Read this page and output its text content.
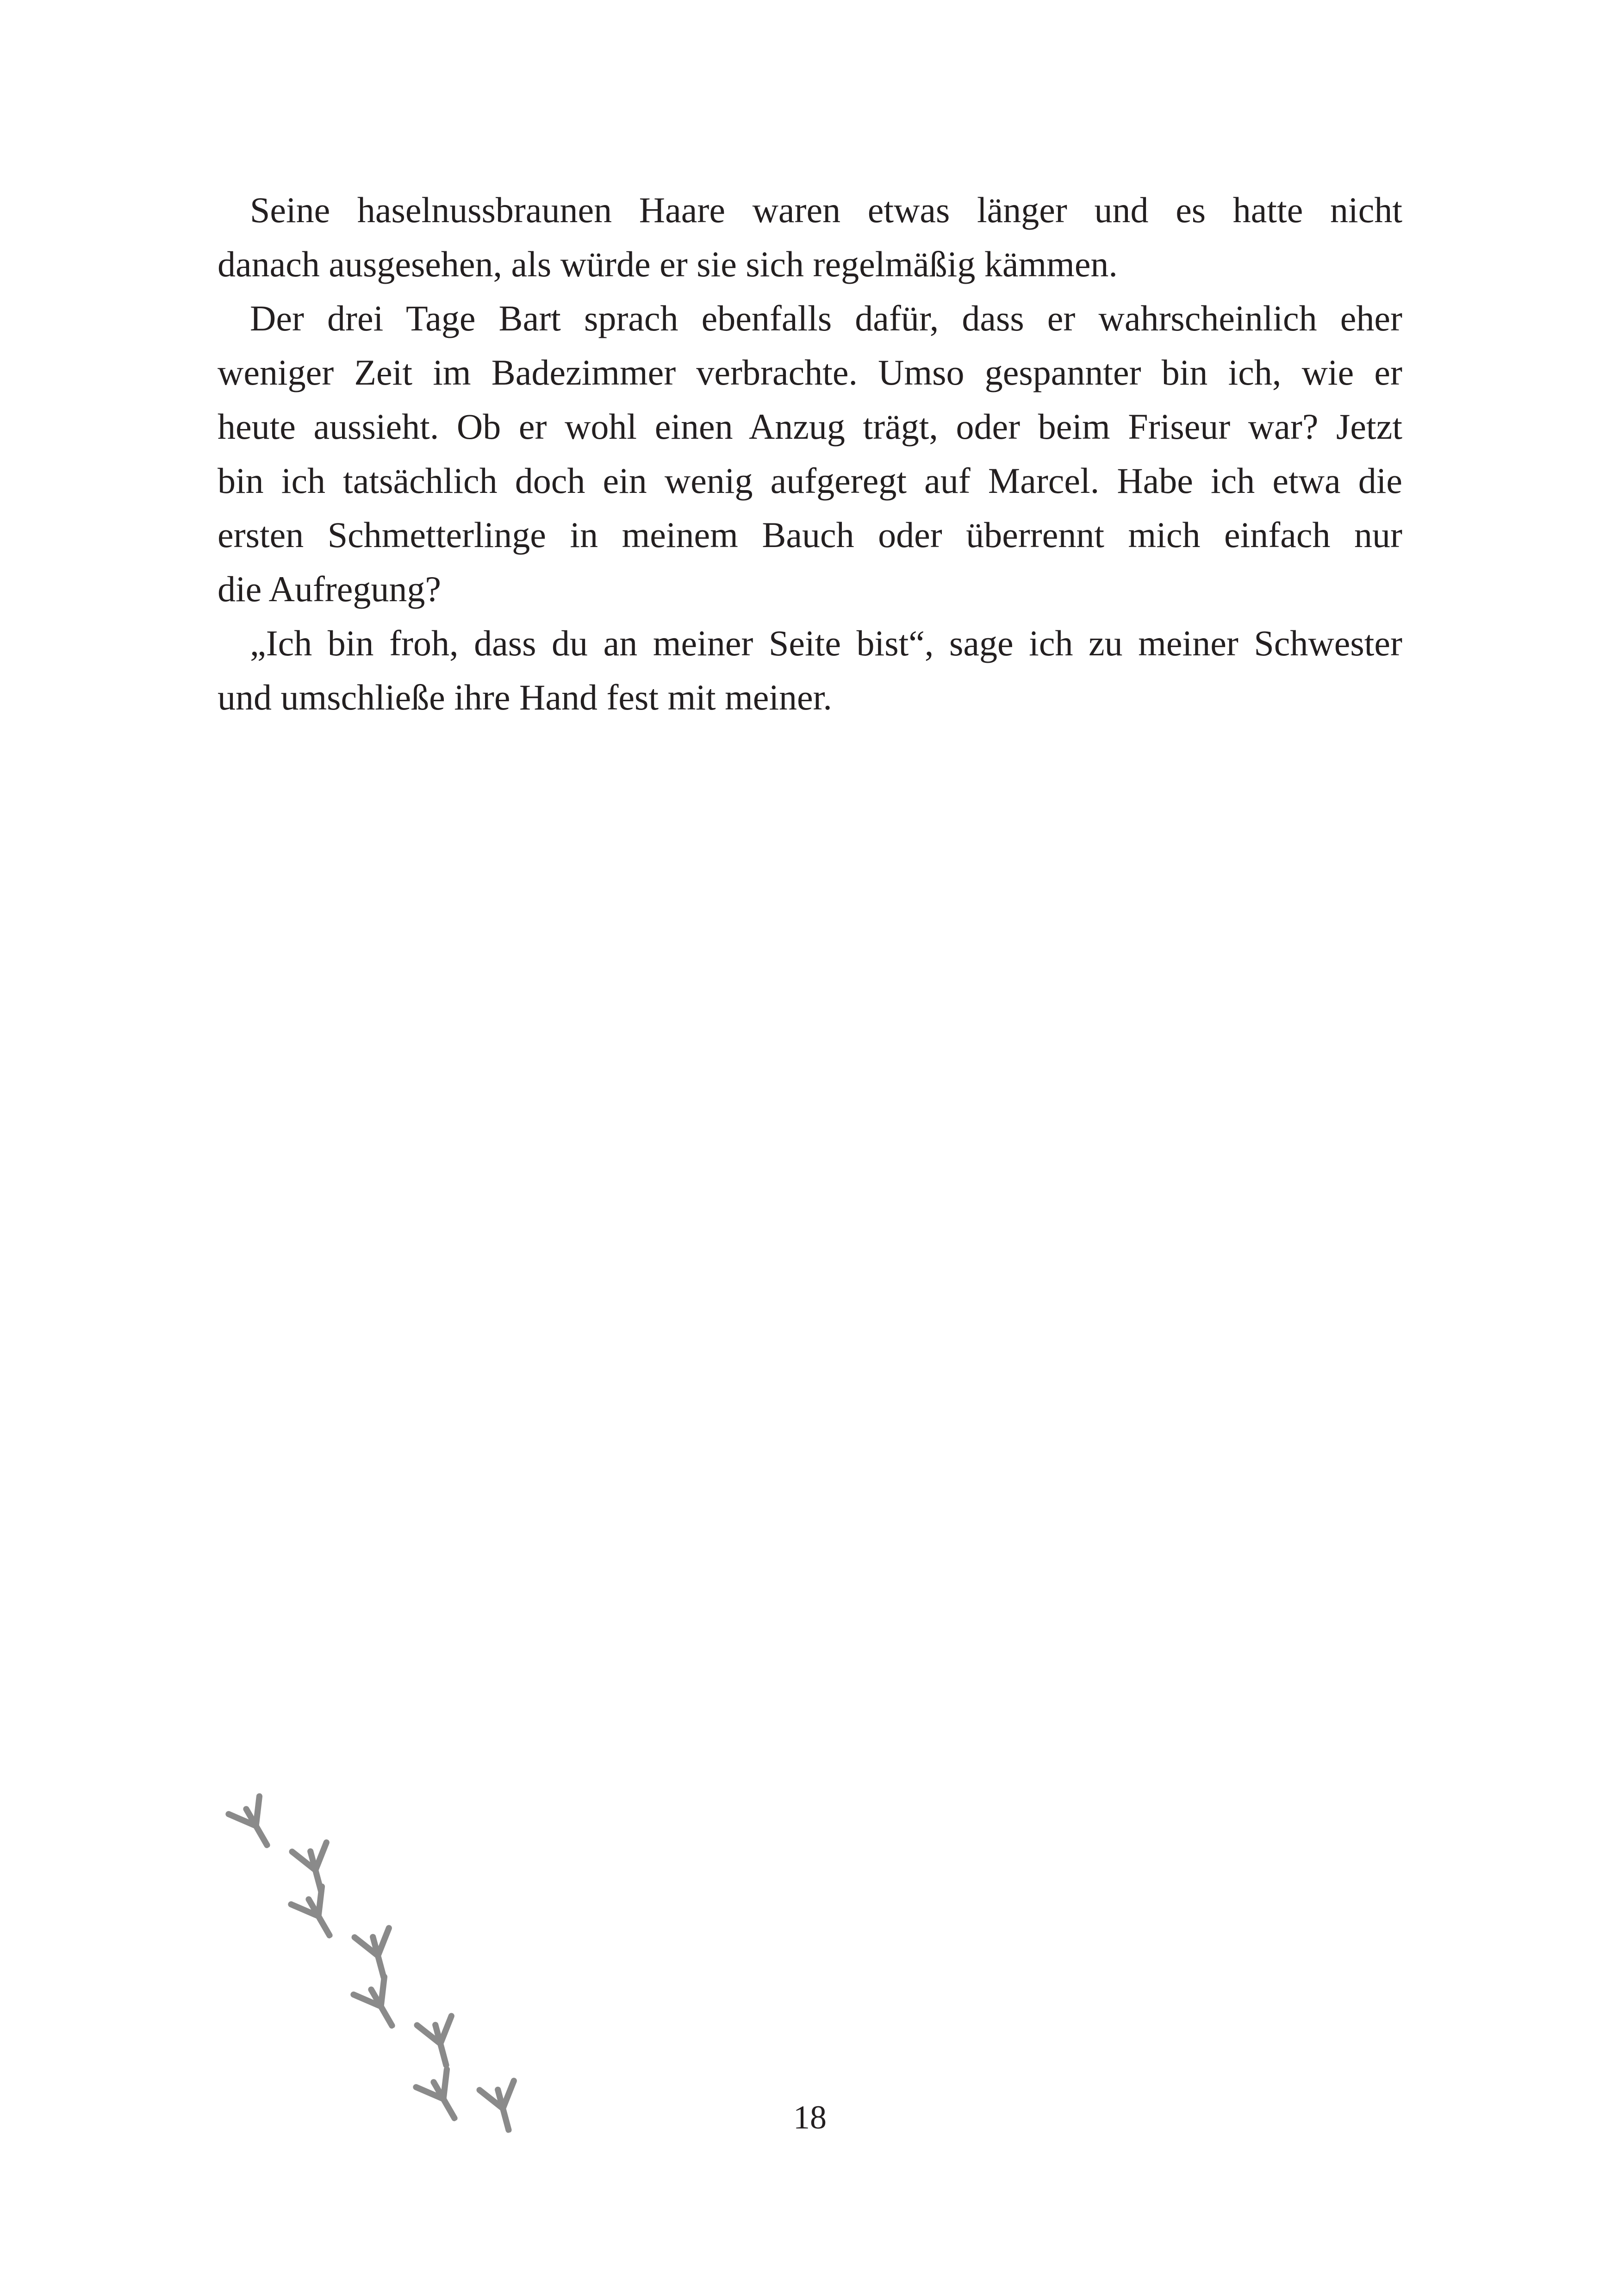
Seine haselnussbraunen Haare waren etwas länger und es hatte nicht
danach ausgesehen, als würde er sie sich regelmäßig kämmen.
Der drei Tage Bart sprach ebenfalls dafür, dass er wahrscheinlich eher
weniger Zeit im Badezimmer verbrachte. Umso gespannter bin ich, wie er
heute aussieht. Ob er wohl einen Anzug trägt, oder beim Friseur war? Jetzt
bin ich tatsächlich doch ein wenig aufgeregt auf Marcel. Habe ich etwa die
ersten Schmetterlinge in meinem Bauch oder überrennt mich einfach nur
die Aufregung?
„Ich bin froh, dass du an meiner Seite bist“, sage ich zu meiner Schwester
und umschließe ihre Hand fest mit meiner.
18
